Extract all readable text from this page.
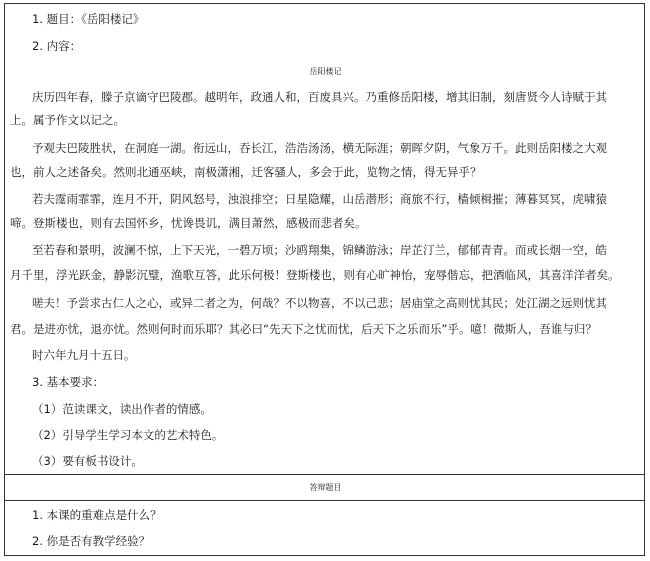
1. 题目：《岳阳楼记》
2. 内容：
岳阳楼记
庆历四年春，滕子京谪守巴陵郡。越明年，政通人和，百废具兴。乃重修岳阳楼，增其旧制，刻唐贤今人诗赋于其
上。属予作文以记之。
予观夫巴陵胜状，在洞庭一湖。衔远山，吞长江，浩浩汤汤，横无际涯；朝晖夕阴，气象万千。此则岳阳楼之大观
也，前人之述备矣。然则北通巫峡，南极潇湘，迁客骚人，多会于此，览物之情，得无异乎？
若夫霪雨霏霏，连月不开，阴风怒号，浊浪排空；日星隐耀，山岳潜形；商旅不行，樯倾楫摧；薄暮冥冥，虎啸猿
啼。登斯楼也，则有去国怀乡，忧谗畏讥，满目萧然，感极而悲者矣。
至若春和景明，波澜不惊，上下天光，一碧万顷；沙鸥翔集，锦鳞游泳；岸芷汀兰，郁郁青青。而或长烟一空，皓
月千里，浮光跃金，静影沉璧，渔歌互答，此乐何极！登斯楼也，则有心旷神怡，宠辱偕忘，把酒临风，其喜洋洋者矣。
嗟夫！予尝求古仁人之心，或异二者之为，何哉？不以物喜，不以己悲；居庙堂之高则忧其民；处江湖之远则忧其
君。是进亦忧，退亦忧。然则何时而乐耶？其必曰“先天下之忧而忧，后天下之乐而乐”乎。噫！微斯人，吾谁与归？
时六年九月十五日。
3. 基本要求：
（1）范读课文，读出作者的情感。
（2）引导学生学习本文的艺术特色。
（3）要有板书设计。
答辩题目
1. 本课的重难点是什么？
2. 你是否有教学经验？
